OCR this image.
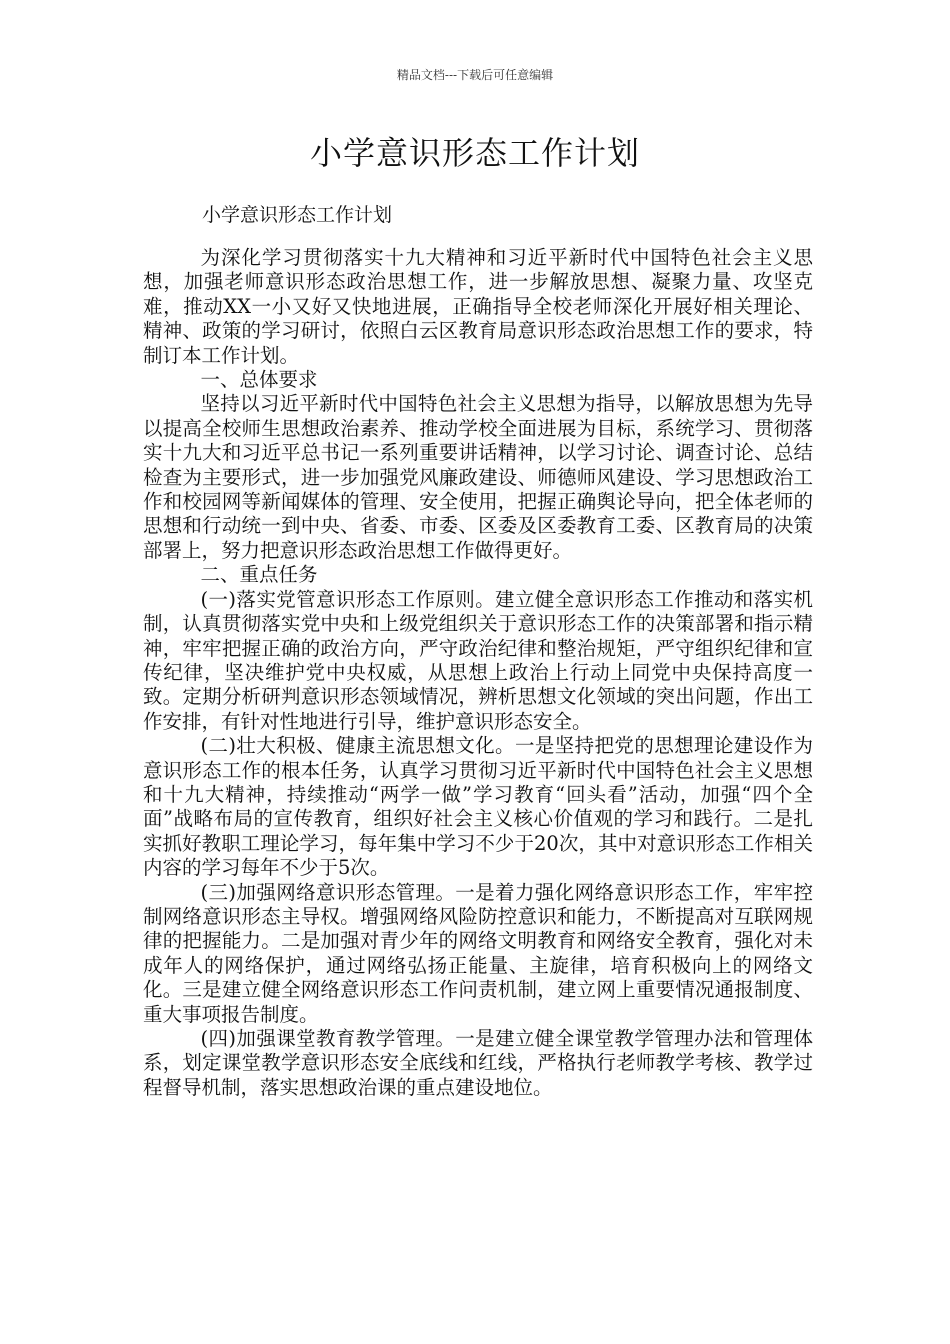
精品文档---下载后可任意编辑
小学意识形态工作计划

小学意识形态工作计划

为深化学习贯彻落实十九大精神和习近平新时代中国特色社会主义思想，加强老师意识形态政治思想工作，进一步解放思想、凝聚力量、攻坚克难，推动XX一小又好又快地进展，正确指导全校老师深化开展好相关理论、精神、政策的学习研讨，依照白云区教育局意识形态政治思想工作的要求，特制订本工作计划。

一、总体要求

坚持以习近平新时代中国特色社会主义思想为指导，以解放思想为先导以提高全校师生思想政治素养、推动学校全面进展为目标，系统学习、贯彻落实十九大和习近平总书记一系列重要讲话精神，以学习讨论、调查讨论、总结检查为主要形式，进一步加强党风廉政建设、师德师风建设、学习思想政治工作和校园网等新闻媒体的管理、安全使用，把握正确舆论导向，把全体老师的思想和行动统一到中央、省委、市委、区委及区委教育工委、区教育局的决策部署上，努力把意识形态政治思想工作做得更好。

二、重点任务

(一)落实党管意识形态工作原则。建立健全意识形态工作推动和落实机制，认真贯彻落实党中央和上级党组织关于意识形态工作的决策部署和指示精神，牢牢把握正确的政治方向，严守政治纪律和整治规矩，严守组织纪律和宣传纪律，坚决维护党中央权威，从思想上政治上行动上同党中央保持高度一致。定期分析研判意识形态领域情况，辨析思想文化领域的突出问题，作出工作安排，有针对性地进行引导，维护意识形态安全。

(二)壮大积极、健康主流思想文化。一是坚持把党的思想理论建设作为意识形态工作的根本任务，认真学习贯彻习近平新时代中国特色社会主义思想和十九大精神，持续推动“两学一做”学习教育“回头看”活动，加强“四个全面”战略布局的宣传教育，组织好社会主义核心价值观的学习和践行。二是扎实抓好教职工理论学习，每年集中学习不少于20次，其中对意识形态工作相关内容的学习每年不少于5次。

(三)加强网络意识形态管理。一是着力强化网络意识形态工作，牢牢控制网络意识形态主导权。增强网络风险防控意识和能力，不断提高对互联网规律的把握能力。二是加强对青少年的网络文明教育和网络安全教育，强化对未成年人的网络保护，通过网络弘扬正能量、主旋律，培育积极向上的网络文化。三是建立健全网络意识形态工作问责机制，建立网上重要情况通报制度、重大事项报告制度。

(四)加强课堂教育教学管理。一是建立健全课堂教学管理办法和管理体系，划定课堂教学意识形态安全底线和红线，严格执行老师教学考核、教学过程督导机制，落实思想政治课的重点建设地位。
